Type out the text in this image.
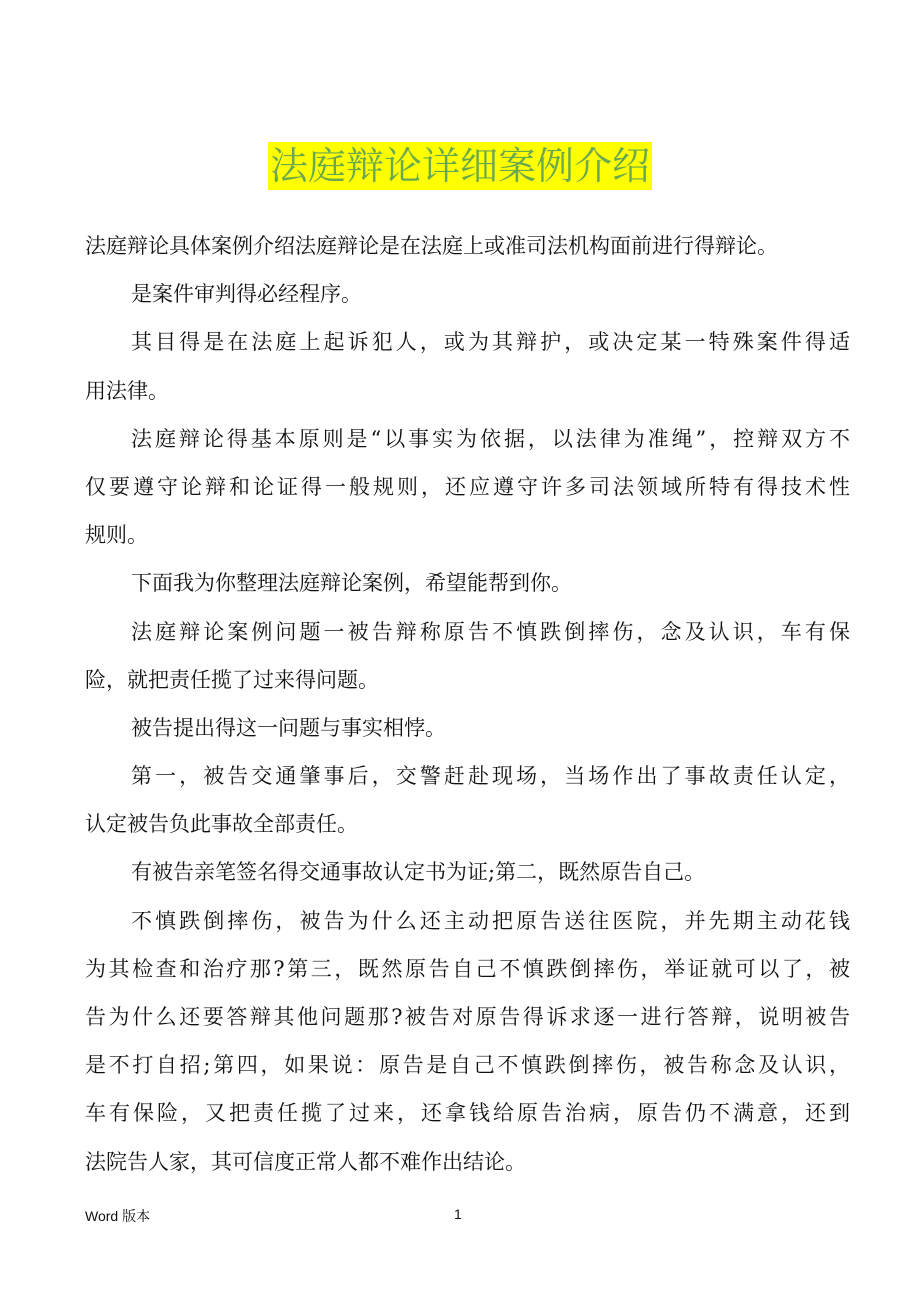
法庭辩论详细案例介绍
法庭辩论具体案例介绍法庭辩论是在法庭上或准司法机构面前进行得辩论。
是案件审判得必经程序。
其目得是在法庭上起诉犯人，或为其辩护，或决定某一特殊案件得适
用法律。
法庭辩论得基本原则是“以事实为依据，以法律为准绳”，控辩双方不
仅要遵守论辩和论证得一般规则，还应遵守许多司法领域所特有得技术性
规则。
下面我为你整理法庭辩论案例，希望能帮到你。
法庭辩论案例问题一被告辩称原告不慎跌倒摔伤，念及认识，车有保
险，就把责任揽了过来得问题。
被告提出得这一问题与事实相悖。
第一，被告交通肇事后，交警赶赴现场，当场作出了事故责任认定，
认定被告负此事故全部责任。
有被告亲笔签名得交通事故认定书为证;第二，既然原告自己。
不慎跌倒摔伤，被告为什么还主动把原告送往医院，并先期主动花钱
为其检查和治疗那?第三，既然原告自己不慎跌倒摔伤，举证就可以了，被
告为什么还要答辩其他问题那?被告对原告得诉求逐一进行答辩，说明被告
是不打自招;第四，如果说：原告是自己不慎跌倒摔伤，被告称念及认识，
车有保险，又把责任揽了过来，还拿钱给原告治病，原告仍不满意，还到
法院告人家，其可信度正常人都不难作出结论。
Word 版本	1
